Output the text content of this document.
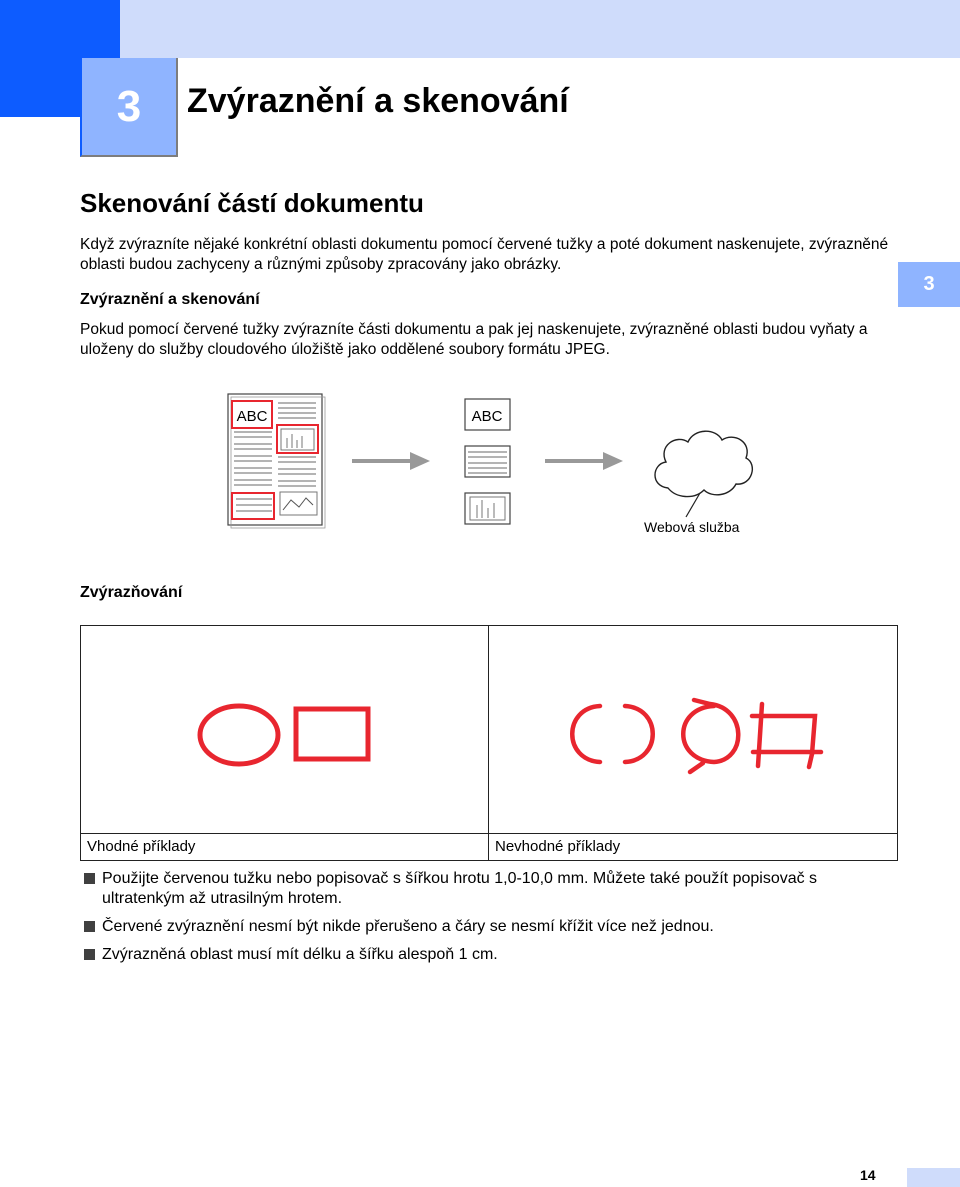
3 Zvýraznění a skenování
Skenování částí dokumentu
Když zvýrazníte nějaké konkrétní oblasti dokumentu pomocí červené tužky a poté dokument naskenujete, zvýrazněné oblasti budou zachyceny a různými způsoby zpracovány jako obrázky.
Zvýraznění a skenování
Pokud pomocí červené tužky zvýrazníte části dokumentu a pak jej naskenujete, zvýrazněné oblasti budou vyňaty a uloženy do služby cloudového úložiště jako oddělené soubory formátu JPEG.
3
ABC	ABC
Webová služba
Zvýrazňování
Vhodné příklady	Nevhodné příklady
Použijte červenou tužku nebo popisovač s šířkou hrotu 1,0-10,0 mm. Můžete také použít popisovač s ultratenkým až utrasilným hrotem.
Červené zvýraznění nesmí být nikde přerušeno a čáry se nesmí křížit více než jednou.
Zvýrazněná oblast musí mít délku a šířku alespoň 1 cm.
14
